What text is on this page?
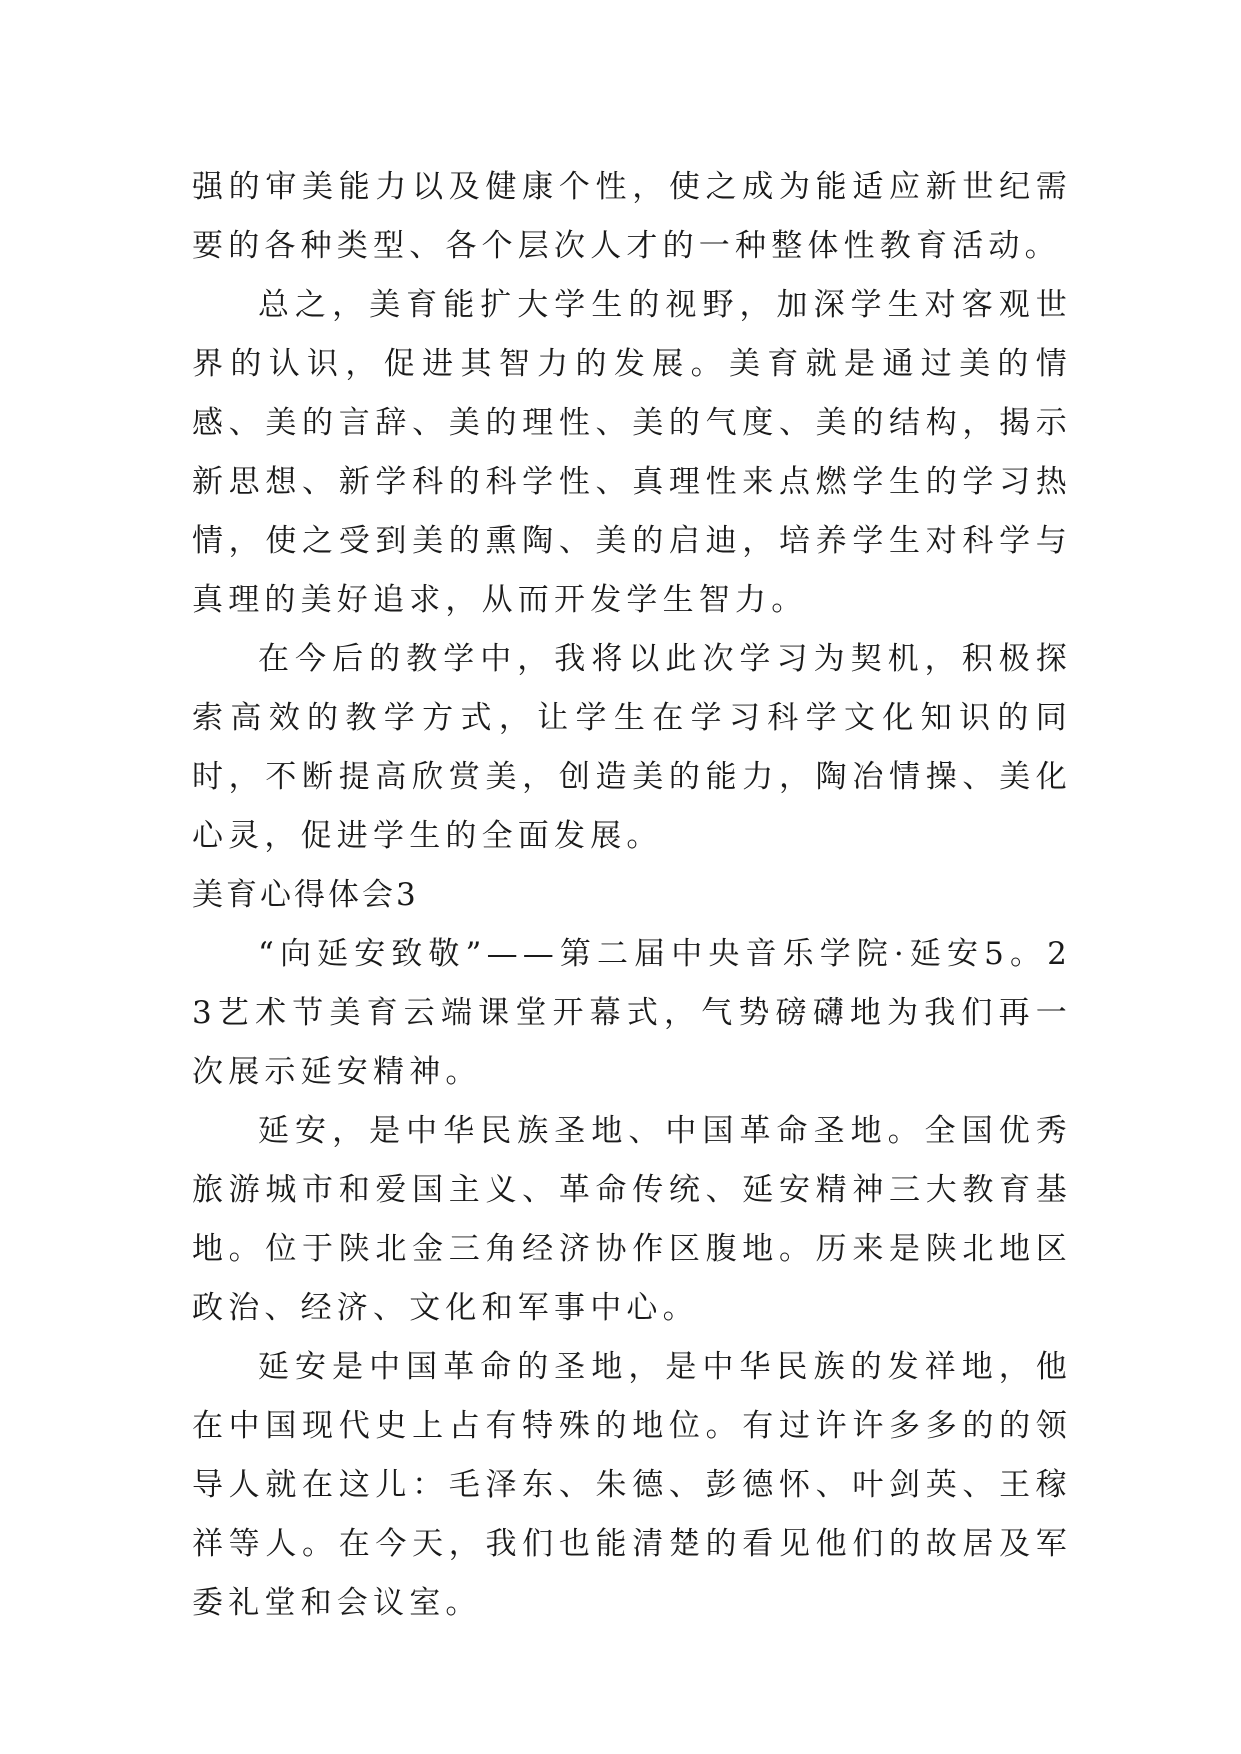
强的审美能力以及健康个性，使之成为能适应新世纪需要的各种类型、各个层次人才的一种整体性教育活动。

总之，美育能扩大学生的视野，加深学生对客观世界的认识，促进其智力的发展。美育就是通过美的情感、美的言辞、美的理性、美的气度、美的结构，揭示新思想、新学科的科学性、真理性来点燃学生的学习热情，使之受到美的熏陶、美的启迪，培养学生对科学与真理的美好追求，从而开发学生智力。

在今后的教学中，我将以此次学习为契机，积极探索高效的教学方式，让学生在学习科学文化知识的同时，不断提高欣赏美，创造美的能力，陶冶情操、美化心灵，促进学生的全面发展。

美育心得体会3

“向延安致敬”——第二届中央音乐学院·延安5。23艺术节美育云端课堂开幕式，气势磅礴地为我们再一次展示延安精神。

延安，是中华民族圣地、中国革命圣地。全国优秀旅游城市和爱国主义、革命传统、延安精神三大教育基地。位于陕北金三角经济协作区腹地。历来是陕北地区政治、经济、文化和军事中心。

延安是中国革命的圣地，是中华民族的发祥地，他在中国现代史上占有特殊的地位。有过许许多多的的领导人就在这儿：毛泽东、朱德、彭德怀、叶剑英、王稼祥等人。在今天，我们也能清楚的看见他们的故居及军委礼堂和会议室。
